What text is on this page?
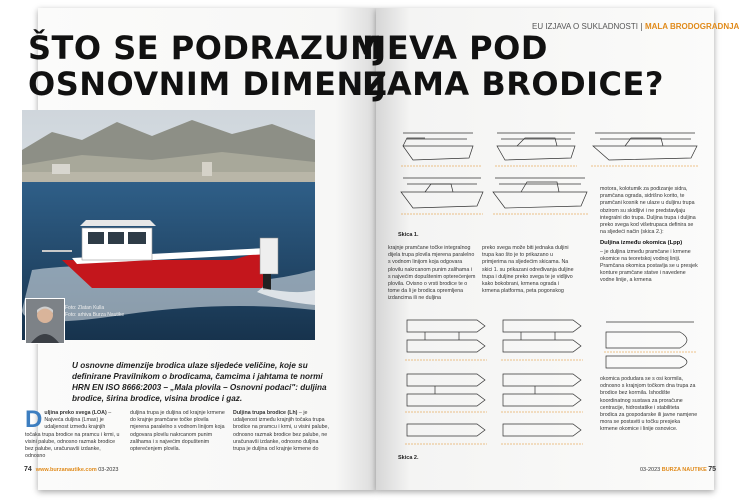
EU IZJAVA O SUKLADNOSTI MALA BRODOGRADNJA
ŠTO SE PODRAZUM
OSNOVNIM DIMENZ
IJEVA POD
IJAMA BRODICE?
Foto: Zlatan Kulla
Foto: arhiva Burza Nautike
U osnovne dimenzije brodica ulaze sljedeće veličine, koje su definirane Pravilnikom o brodicama, čamcima i jahtama te normi HRN EN ISO 8666:2003 – „Mala plovila – Osnovni podaci": duljina brodice, širina brodice, visina brodice i gaz.
Duljina preko svega (LOA) – Najveća duljina (Lmax) je udaljenost između krajnjih točaka trupa brodice na pramcu i krmi, u visini palube, odnosno razmak brodice bez palube, uračunavši izdanke, odnosno
duljina trupa je duljina od krajnje krmene do krajnje pramčane točke plovila mjerena paralelno s vodnom linijom koja odgovara plovilu nakrcanom punim zalihama i s najvećim dopuštenim opterećenjem plovila.
Duljina trupa brodice (Lh) – je udaljenost između krajnjih točaka trupa brodice na pramcu i krmi, u visini palube, odnosno razmak brodice bez palube, ne uračunavši izdanke, odnosno duljina trupa je duljina od krajnje krmene do
Skica 1.
Skica 2.
krajnje pramčane točke integralnog dijela trupa plovila mjerena paralelno s vodnom linijom koja odgovara plovilu nakrcanom punim zalihama i s najvećim dopuštenim opterećenjem plovila. Ovisno o vrsti brodice te o tome da li je brodica opremljena izdancima ili ne duljina
preko svega može biti jednaka duljini trupa kao što je to prikazano u primjerima na sljedećim skicama. Na skici 1. su prikazani određivanja duljine trupa i duljine preko svega te je vidljivo kako bokobrani, krmena ograda i krmena platforma, peta pogonskog
motora, kolotumik za podizanje sidra, pramčana ograda, sidrišno korito, te pramčani kosnik ne ulaze u duljinu trupa obzirom su skidljivi i ne predstavljaju integralni dio trupa. Duljina trupa i duljina preko svega kod višetrupaca definira se na sljedeći način (skica 2.):
Duljina između okomica (Lpp)
– je duljina između pramčane i krmene okomice na teoretskoj vodnoj liniji. Pramčana okomica postavlja se u presjek konture pramčane statve i navedene vodne linije, a krmena
okomica podudara se s osi kormila, odnosno s krajnjom točkom dna trupa za brodice bez kormila. Ishodište koordinatnog sustava za proračune centracije, hidrostatike i stabiliteta brodica za gospodarske ili javne namjene mora se postaviti u točku presjeka krmene okomice i linije osnovice.
74 www.burzanautike.com 03-2023	03-2023 BURZA NAUTIKE 75
